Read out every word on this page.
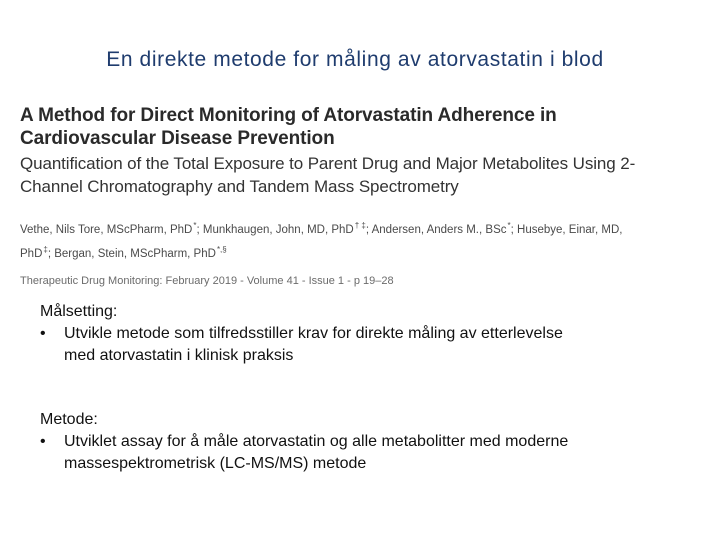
En direkte metode for måling av atorvastatin i blod
A Method for Direct Monitoring of Atorvastatin Adherence in
Cardiovascular Disease Prevention
Quantification of the Total Exposure to Parent Drug and Major Metabolites Using 2-
Channel Chromatography and Tandem Mass Spectrometry
Vethe, Nils Tore, MScPharm, PhD*; Munkhaugen, John, MD, PhD† ‡; Andersen, Anders M., BSc*; Husebye, Einar, MD,
PhD‡; Bergan, Stein, MScPharm, PhD*,§
Therapeutic Drug Monitoring: February 2019 - Volume 41 - Issue 1 - p 19–28
Målsetting:
•	Utvikle metode som tilfredsstiller krav for direkte måling av etterlevelse
med atorvastatin i klinisk praksis
Metode:
•	Utviklet assay for å måle atorvastatin og alle metabolitter med moderne
massespektrometrisk (LC-MS/MS) metode
